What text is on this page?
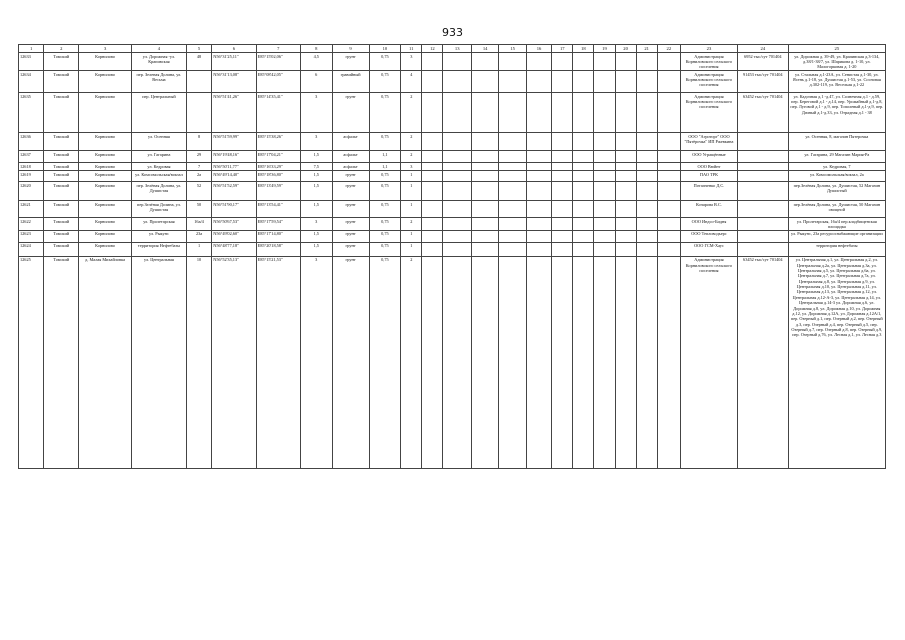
933
1	2	3	4	5	6	7	8	9	10	11	12	13	14	15	16	17	18	19	20	21	22	23	24	25
12633	Томский	Корнилово	ул. Дорожная -ул. Крапивская	48	N56°31'25,11"	E85°15'02,06"	4,5	грунт	0,75	3												Администрация Корниловского сельского поселения	6952 тыс/сут 701404	ул. Дорожная д. 39-49, ул. Крапивская д.3-134, д.38/1-38/7, ул. Шарикова д. 1-10, ул. Малогорковая д. 1-20
12634	Томский	Корнилово	пер. Зеленая Долина, ул. Весьма		N56°31'13,08"	E85°08'42,05"	6	гравийный	0,75	4												Администрация Корниловского сельского поселения	91453 тыс/сут 701404	ул. Стальная д.1-23А, ул. Сенистая д.1-30, ул. Ясень д.1-18, ул. Душистая д.1-53, ул. Сосновая д.302-119, ул. Весельая д.1-22
12635	Томский	Корнилово	пер. Центральный		N56°51'41,26"	E85°14'35,41"	3	грунт	0,75	2												Администрация Корниловского сельского поселения	63452 тыс/сут 701404	ул. Кадочная д.1 -д.47, ул. Солнечная д.1 - д.59, пер. Береговой д.1 - д.14, пер. Урожайный д.1-д.8, пер. Луговой д.1 - д.9, пер. Тополевый д.1-д.9, пер. Дачный д.1-д.33, ул. Отрадная д.1 - 38
12636	Томский	Корнилово	ул. Осенняя	8	N56°51'59,99"	E85°15'38,26"	3	асфальт	0,75	2												ООО "Агроторг" ООО "Пятёрочка" ИП Ржевкина		ул. Осенняя, 8, магазин Пятерочка
12637	Томский	Корнилово	ул. Гагарина	29	N56°19'48,16"	E85°17'04,21"	1,5	асфальт	1,1	2												ООО Угращённые		ул. Гагарина, 29 Магазин Мария-Ра
12618	Томский	Корнилово	ул. Кедровая	7	N56°50'11,77"	E85°16'33,29"	7,5	асфальт	1,1	3												ООО Вюйнт		ул. Кедровая, 7
12619	Томский	Корнилово	ул. Комсомольская/вокзал	2а	N56°49'14,40"	E85°18'36,80"	1,5	грунт	0,75	1												ПАО ТРК		ул. Комсомольская/вокзал, 2а
12620	Томский	Корнилово	пер. Зелёная Долина, ул. Душистая	52	N56°51'52,59"	E85°13'49,59"	1,5	грунт	0,75	1												Потапченко Д.С.		пер.Зелёная Долина, ул. Душистая, 52 Магазин Душистый
12621	Томский	Корнилово	пер.Зелёная Долина, ул. Душистая	50	N56°51'90,17"	E85°13'54,41"	1,5	грунт	0,75	1												Кочарова В.С.		пер.Зелёная Долина, ул. Душистая, 50 Магазин овощной
12622	Томский	Корнилово	ул. Пролетарская	16а/4	N56°50'67,53"	E85°17'59,54"	3	грунт	0,75	2												ООО Индсо-Бидня		ул. Пролетарская, 16а/4 пер.кладбищенская площадка
12623	Томский	Корнилово	ул. Рыкунс	23а	N56°49'02,60"	E85°17'14,80"	1,5	грунт	0,75	1												ООО Тепловодьерс		ул. Рыкунс, 23а ресурсоснабжающие организации
12624	Томский	Корнилово	территория Нефтебазы	1	N56°48'77,18"	E85°20'18,58"	1,5	грунт	0,75	1												ООО ГСМ-Хаус		территория нефтебазы
12625	Томский	д. Малая Михайловка	ул. Центральная	10	N56°52'35,13"	E85°15'21,53"	3	грунт	0,75	2												Администрация Корниловского сельского поселения	63452 тыс/сут 701404	ул. Центральная д.1, ул. Центральная д.2, ул. Центральная д.2а, ул. Центральная д.3а, ул. Центральная д.5, ул. Центральная д.6а, ул. Центральная д.7, ул. Центральная д.7а, ул. Центральная д.8, ул. Центральная д.9, ул. Центральная д.10, ул. Центральная д.11, ул. Центральная д.13, ул. Центральная д.12, ул. Центральная д.12-А-3, ул. Центральная д.14, ул. Центральная д.14-3 ул. Дорожная д.6, ул. Дорожная д.8, ул. Дорожная д.10, ул. Дорожная д.12, ул. Дорожная д.12А, ул. Дорожная д.12А/1, пер. Озерный д.1, пер. Озерный д.2, пер. Озерный д.3, пер. Озерный д.4, пер. Озерный д.5, пер. Озерный д.7, пер. Озерный д.8, пер. Озерный д.9, пер. Озерный д.76, ул. Лесная д.1, ул. Лесная д.3
